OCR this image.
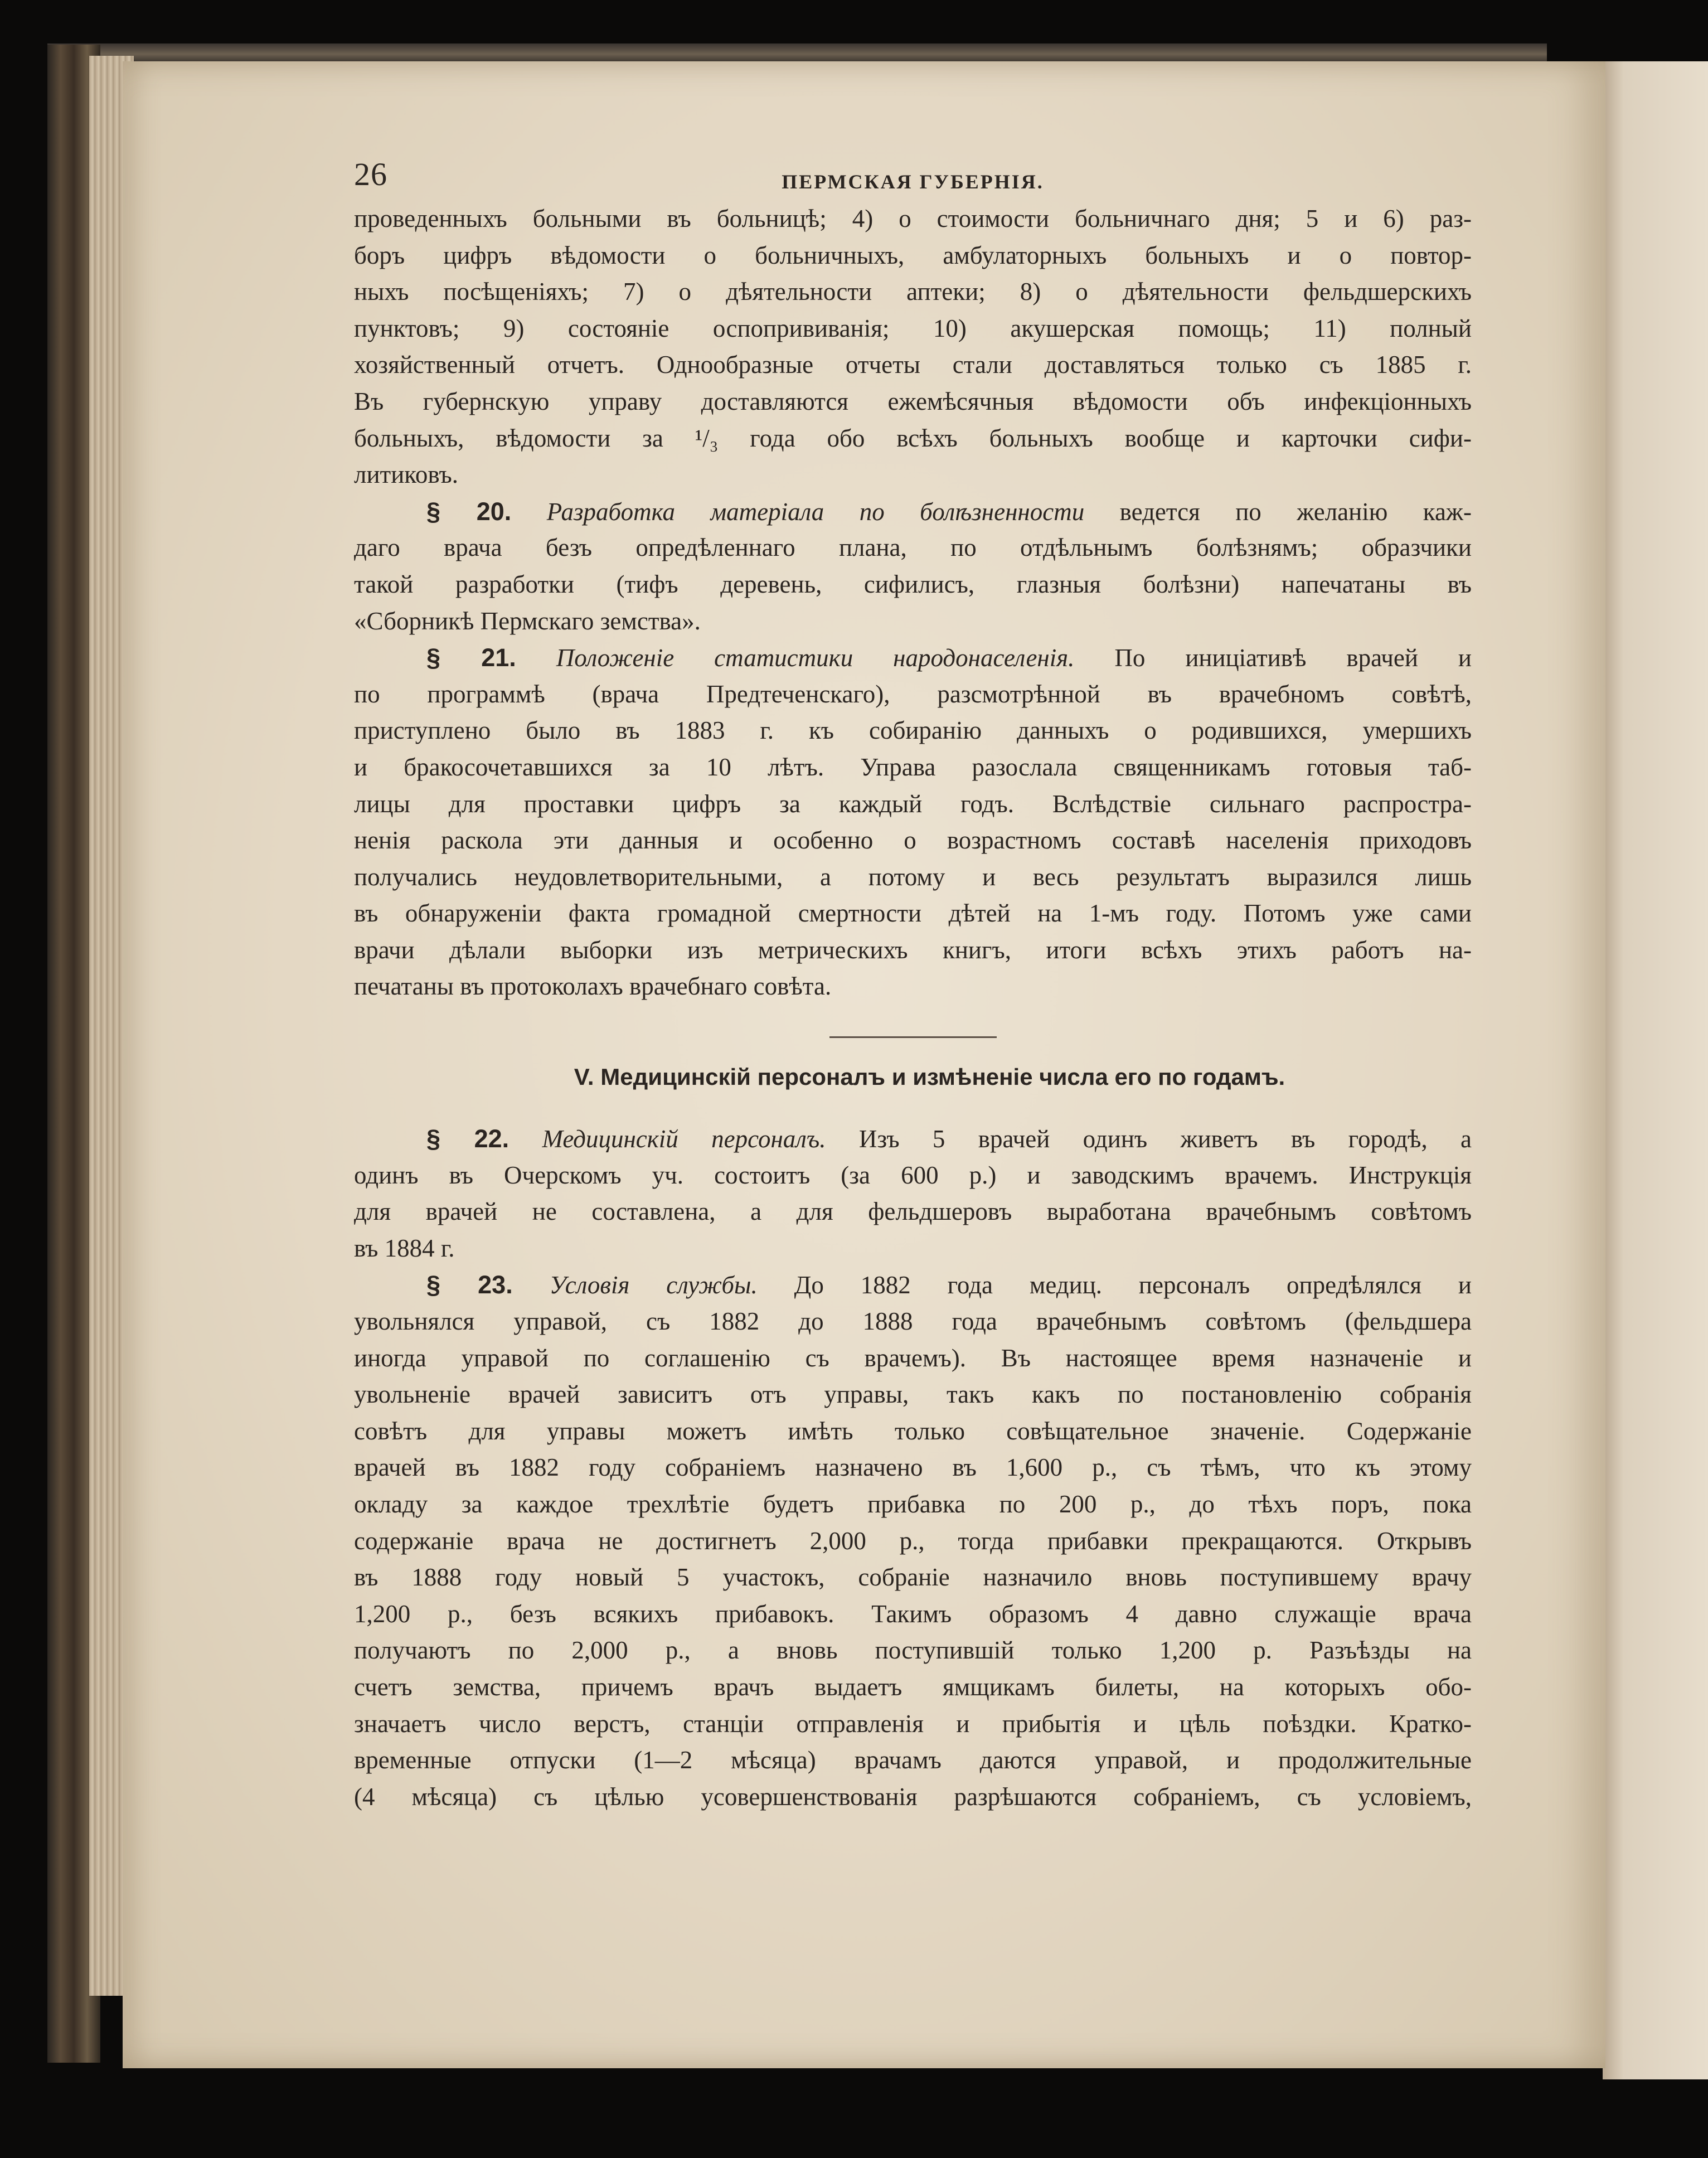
26	ПЕРМСКАЯ ГУБЕРНІЯ.
проведенныхъ больными въ больницѣ; 4) о стоимости больничнаго дня; 5 и 6) раз-
боръ цифръ вѣдомости о больничныхъ, амбулаторныхъ больныхъ и о повтор-
ныхъ посѣщеніяхъ; 7) о дѣятельности аптеки; 8) о дѣятельности фельдшерскихъ
пунктовъ; 9) состояніе оспопрививанія; 10) акушерская помощь; 11) полный
хозяйственный отчетъ. Однообразные отчеты стали доставляться только съ 1885 г.
Въ губернскую управу доставляются ежемѣсячныя вѣдомости объ инфекціонныхъ
больныхъ, вѣдомости за ¹/₃ года обо всѣхъ больныхъ вообще и карточки сифи-
литиковъ.
§ 20. Разработка матеріала по болѣзненности ведется по желанію каж-
даго врача безъ опредѣленнаго плана, по отдѣльнымъ болѣзнямъ; образчики
такой разработки (тифъ деревень, сифилисъ, глазныя болѣзни) напечатаны въ
«Сборникѣ Пермскаго земства».
§ 21. Положеніе статистики народонаселенія. По иниціативѣ врачей и
по программѣ (врача Предтеченскаго), разсмотрѣнной въ врачебномъ совѣтѣ,
приступлено было въ 1883 г. къ собиранію данныхъ о родившихся, умершихъ
и бракосочетавшихся за 10 лѣтъ. Управа разослала священникамъ готовыя таб-
лицы для проставки цифръ за каждый годъ. Вслѣдствіе сильнаго распростра-
ненія раскола эти данныя и особенно о возрастномъ составѣ населенія приходовъ
получались неудовлетворительными, а потому и весь результатъ выразился лишь
въ обнаруженіи факта громадной смертности дѣтей на 1-мъ году. Потомъ уже сами
врачи дѣлали выборки изъ метрическихъ книгъ, итоги всѣхъ этихъ работъ на-
печатаны въ протоколахъ врачебнаго совѣта.
V. Медицинскій персоналъ и измѣненіе числа его по годамъ.
§ 22. Медицинскій персоналъ. Изъ 5 врачей одинъ живетъ въ городѣ, а
одинъ въ Очерскомъ уч. состоитъ (за 600 р.) и заводскимъ врачемъ. Инструкція
для врачей не составлена, а для фельдшеровъ выработана врачебнымъ совѣтомъ
въ 1884 г.
§ 23. Условія службы. До 1882 года медиц. персоналъ опредѣлялся и
увольнялся управой, съ 1882 до 1888 года врачебнымъ совѣтомъ (фельдшера
иногда управой по соглашенію съ врачемъ). Въ настоящее время назначеніе и
увольненіе врачей зависитъ отъ управы, такъ какъ по постановленію собранія
совѣтъ для управы можетъ имѣть только совѣщательное значеніе. Содержаніе
врачей въ 1882 году собраніемъ назначено въ 1,600 р., съ тѣмъ, что къ этому
окладу за каждое трехлѣтіе будетъ прибавка по 200 р., до тѣхъ поръ, пока
содержаніе врача не достигнетъ 2,000 р., тогда прибавки прекращаются. Открывъ
въ 1888 году новый 5 участокъ, собраніе назначило вновь поступившему врачу
1,200 р., безъ всякихъ прибавокъ. Такимъ образомъ 4 давно служащіе врача
получаютъ по 2,000 р., а вновь поступившій только 1,200 р. Разъѣзды на
счетъ земства, причемъ врачъ выдаетъ ямщикамъ билеты, на которыхъ обо-
значаетъ число верстъ, станціи отправленія и прибытія и цѣль поѣздки. Кратко-
временные отпуски (1—2 мѣсяца) врачамъ даются управой, и продолжительные
(4 мѣсяца) съ цѣлью усовершенствованія разрѣшаются собраніемъ, съ условіемъ,
